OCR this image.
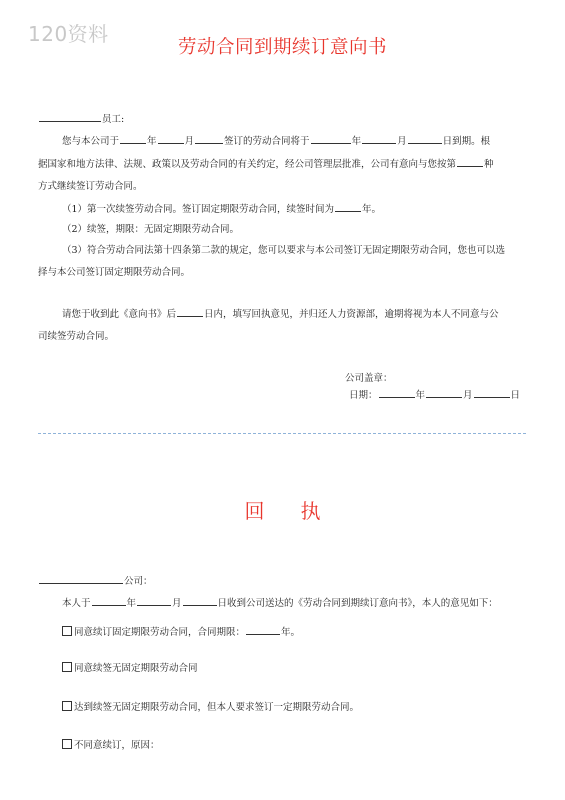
120资料
劳动合同到期续订意向书
员工:
您与本公司于	年	月	签订的劳动合同将于	年	月	日到期。根
据国家和地方法律、法规、政策以及劳动合同的有关约定，经公司管理层批准，公司有意向与您按第	种
方式继续签订劳动合同。
（1）第一次续签劳动合同。签订固定期限劳动合同，续签时间为	年。
（2）续签，期限：无固定期限劳动合同。
（3）符合劳动合同法第十四条第二款的规定，您可以要求与本公司签订无固定期限劳动合同，您也可以选
择与本公司签订固定期限劳动合同。
请您于收到此《意向书》后	日内，填写回执意见，并归还人力资源部，逾期将视为本人不同意与公
司续签劳动合同。
公司盖章：
日期：	年	月	日
回 执
公司：
本人于	年	月	日收到公司送达的《劳动合同到期续订意向书》，本人的意见如下：
同意续订固定期限劳动合同，合同期限：	年。
同意续签无固定期限劳动合同
达到续签无固定期限劳动合同，但本人要求签订一定期限劳动合同。
不同意续订，原因：
